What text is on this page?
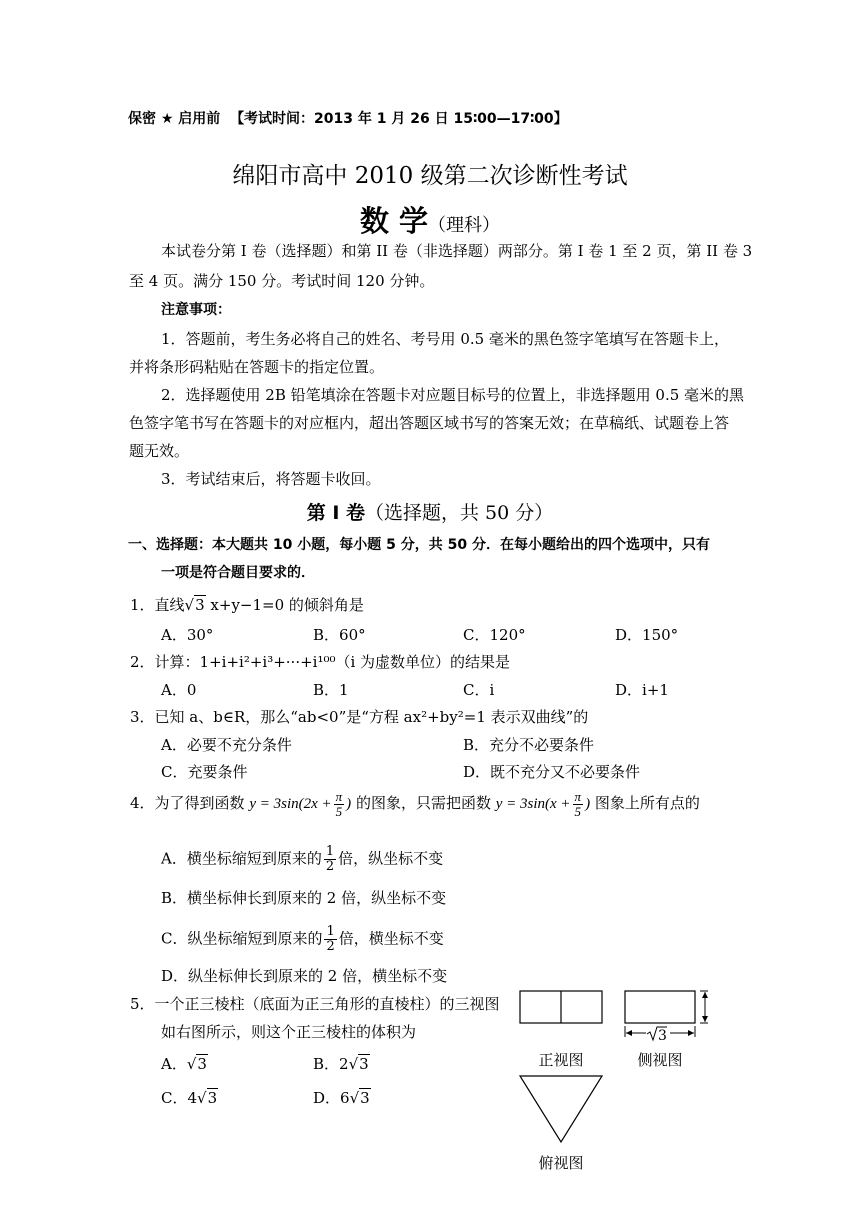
保密 ★ 启用前 【考试时间：2013 年 1 月 26 日 15∶00—17∶00】
绵阳市高中 2010 级第二次诊断性考试
数 学（理科）
本试卷分第 I 卷（选择题）和第 II 卷（非选择题）两部分。第 I 卷 1 至 2 页，第 II 卷 3
至 4 页。满分 150 分。考试时间 120 分钟。
注意事项：
1．答题前，考生务必将自己的姓名、考号用 0.5 毫米的黑色签字笔填写在答题卡上，
并将条形码粘贴在答题卡的指定位置。
2．选择题使用 2B 铅笔填涂在答题卡对应题目标号的位置上，非选择题用 0.5 毫米的黑
色签字笔书写在答题卡的对应框内，超出答题区域书写的答案无效；在草稿纸、试题卷上答
题无效。
3．考试结束后，将答题卡收回。
第 Ⅰ 卷（选择题，共 50 分）
一、选择题：本大题共 10 小题，每小题 5 分，共 50 分．在每小题给出的四个选项中，只有
一项是符合题目要求的．
1．直线√3 x+y−1=0 的倾斜角是
A．30°	B．60°	C．120°	D．150°
2．计算：1+i+i²+i³+···+i¹⁰⁰（i 为虚数单位）的结果是
A．0	B．1	C．i	D．i+1
3．已知 a、b∈R，那么“ab<0”是“方程 ax²+by²=1 表示双曲线”的
A．必要不充分条件	B．充分不必要条件
C．充要条件	D．既不充分又不必要条件
4．为了得到函数 $y = 3\sin(2x + \frac{\pi}{5}$ ) 的图象，只需把函数 $y = 3\sin(x + \frac{\pi}{5}$ ) 图象上所有点的
A．横坐标缩短到原来的 $\frac{1}{2}$ 倍，纵坐标不变
B．横坐标伸长到原来的 2 倍，纵坐标不变
C．纵坐标缩短到原来的 $\frac{1}{2}$ 倍，横坐标不变
D．纵坐标伸长到原来的 2 倍，横坐标不变
5．一个正三棱柱（底面为正三角形的直棱柱）的三视图
如右图所示，则这个正三棱柱的体积为
A．√3	B．2√3
C．4√3	D．6√3
正视图
3
侧视图
俯视图
